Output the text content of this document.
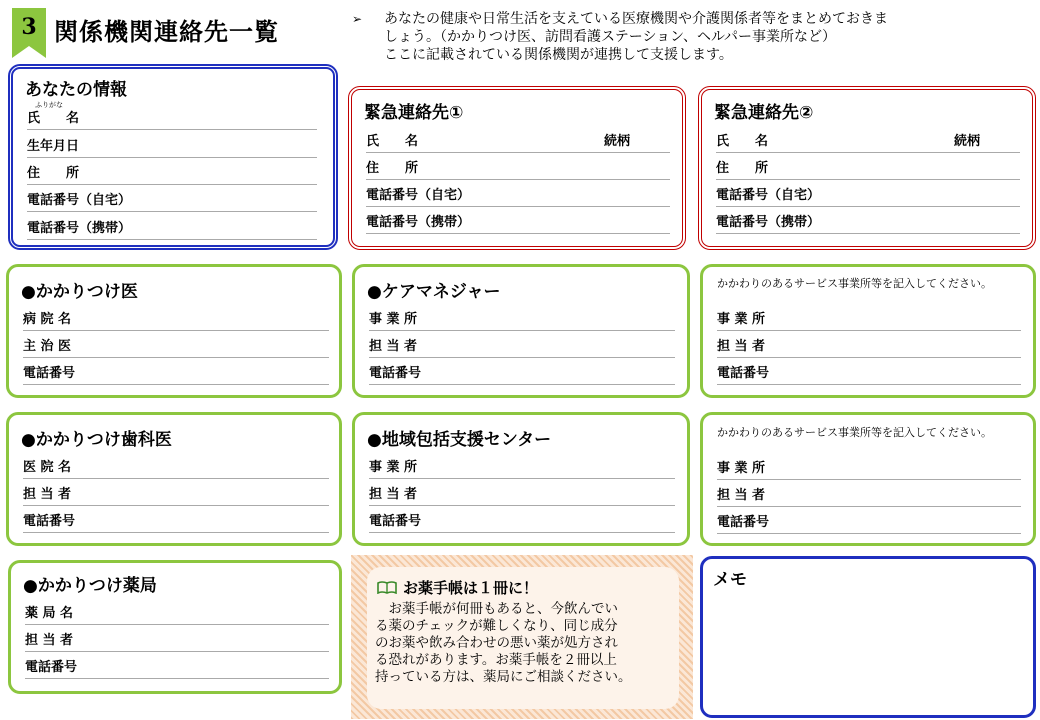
3 関係機関連絡先一覧	➢	あなたの健康や日常生活を支えている医療機関や介護関係者等をまとめておきま
しょう。（かかりつけ医、訪問看護ステーション、ヘルパー事業所など）
ここに記載されている関係機関が連携して支援します。
あなたの情報
ふりがな
氏　　名
生年月日
住　　所
電話番号（自宅）
電話番号（携帯）
緊急連絡先①
氏　　名	続柄
住　　所
電話番号（自宅）
電話番号（携帯）
緊急連絡先②
氏　　名	続柄
住　　所
電話番号（自宅）
電話番号（携帯）
●かかりつけ医
病 院 名
主 治 医
電話番号
●ケアマネジャー
事 業 所
担 当 者
電話番号
かかわりのあるサービス事業所等を記入してください。
事 業 所
担 当 者
電話番号
●かかりつけ歯科医
医 院 名
担 当 者
電話番号
●地域包括支援センター
事 業 所
担 当 者
電話番号
かかわりのあるサービス事業所等を記入してください。
事 業 所
担 当 者
電話番号
●かかりつけ薬局
薬 局 名
担 当 者
電話番号
お薬手帳は１冊に！
　お薬手帳が何冊もあると、今飲んでい
る薬のチェックが難しくなり、同じ成分
のお薬や飲み合わせの悪い薬が処方され
る恐れがあります。お薬手帳を２冊以上
持っている方は、薬局にご相談ください。
メモ
